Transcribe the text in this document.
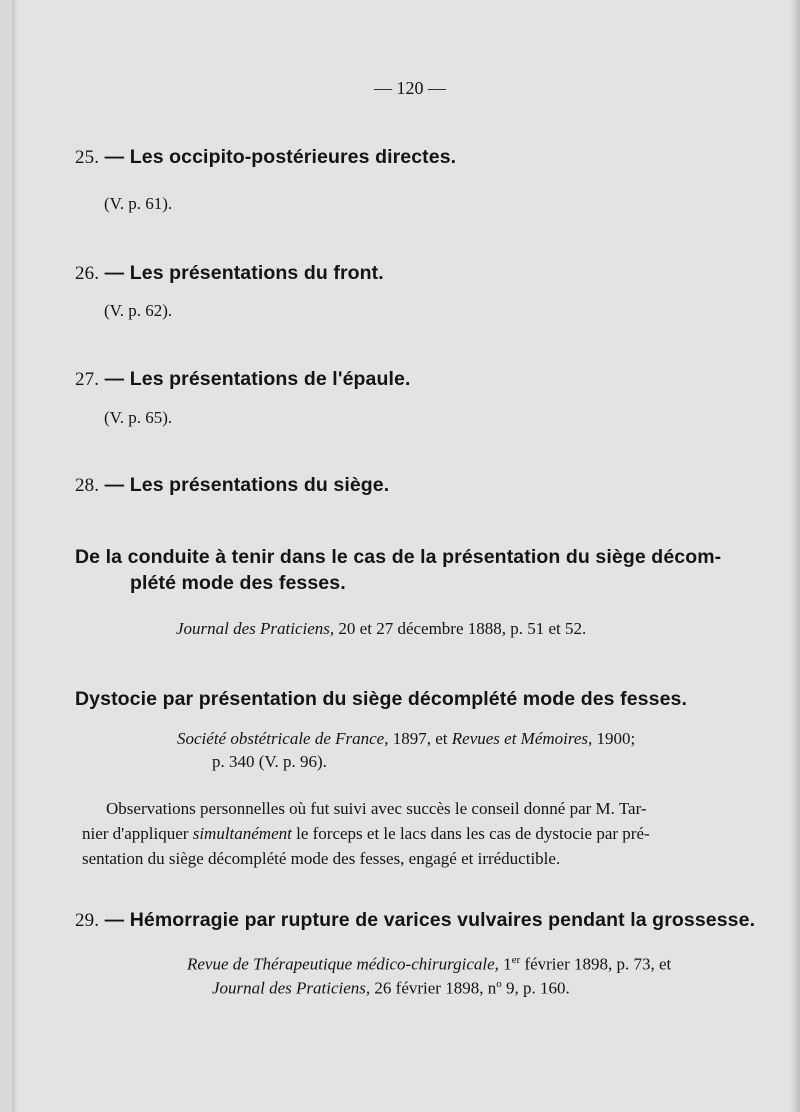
— 120 —
25. — Les occipito-postérieures directes.
(V. p. 61).
26. — Les présentations du front.
(V. p. 62).
27. — Les présentations de l'épaule.
(V. p. 65).
28. — Les présentations du siège.
De la conduite à tenir dans le cas de la présentation du siège décom-
plété mode des fesses.
Journal des Praticiens, 20 et 27 décembre 1888, p. 51 et 52.
Dystocie par présentation du siège décomplété mode des fesses.
Société obstétricale de France, 1897, et Revues et Mémoires, 1900;
p. 340 (V. p. 96).
Observations personnelles où fut suivi avec succès le conseil donné par M. Tar-
nier d'appliquer simultanément le forceps et le lacs dans les cas de dystocie par pré-
sentation du siège décomplété mode des fesses, engagé et irréductible.
29. — Hémorragie par rupture de varices vulvaires pendant la grossesse.
Revue de Thérapeutique médico-chirurgicale, 1er février 1898, p. 73, et
Journal des Praticiens, 26 février 1898, $n^o$ 9, p. 160.
